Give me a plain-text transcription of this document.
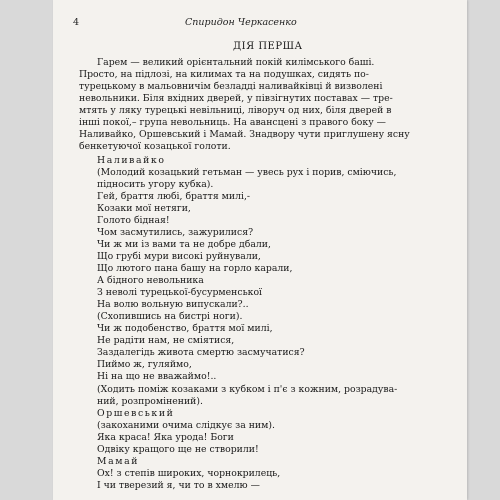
4	Спиридон Черкасенко
ДІЯ ПЕРША
Гарем — великий орієнтальний покій килімського баші.
Просто, на підлозі, на килимах та на подушках, сидять по-
турецькому в мальовничім безладді наливайківці й визволені
невольники. Біля вхідних дверей, у півзігнутих поставах — тре-
мтять у ляку турецькі невільниці, ліворуч од них, біля дверей в
інші покої,– група невольниць. На авансцені з правого боку —
Наливайко, Оршевський і Мамай. Знадвору чути приглушену ясну бенкетуючої козацької голоти.
Наливайко
(Молодий козацький гетьман — увесь рух і порив, сміючись,
підносить угору кубка).
Гей, браття любі, браття милі,-
Козаки мої нетяги,
Голото бідная!
Чом засмутились, зажурилися?
Чи ж ми із вами та не добре дбали,
Що грубі мури високі руйнували,
Що лютого пана башу на горло карали,
А бідного невольника
З неволі турецької-бусурменської
На волю вольную випускали?..
(Схопившись на бистрі ноги).
Чи ж подобенство, браття мої милі,
Не радіти нам, не сміятися,
Заздалегідь живота смертю засмучатися?
Пиймо ж, гуляймо,
Ні на що не вважаймо!..
(Ходить поміж козаками з кубком і п'є з кожним, розрадува-
ний, розпромінений).
Оршевський
(закоханими очима слідкує за ним).
Яка краса! Яка урода! Боги
Одвіку кращого ще не створили!
Мамай
Ох! з степів широких, чорнокрилець,
І чи тверезий я, чи то в хмелю —
